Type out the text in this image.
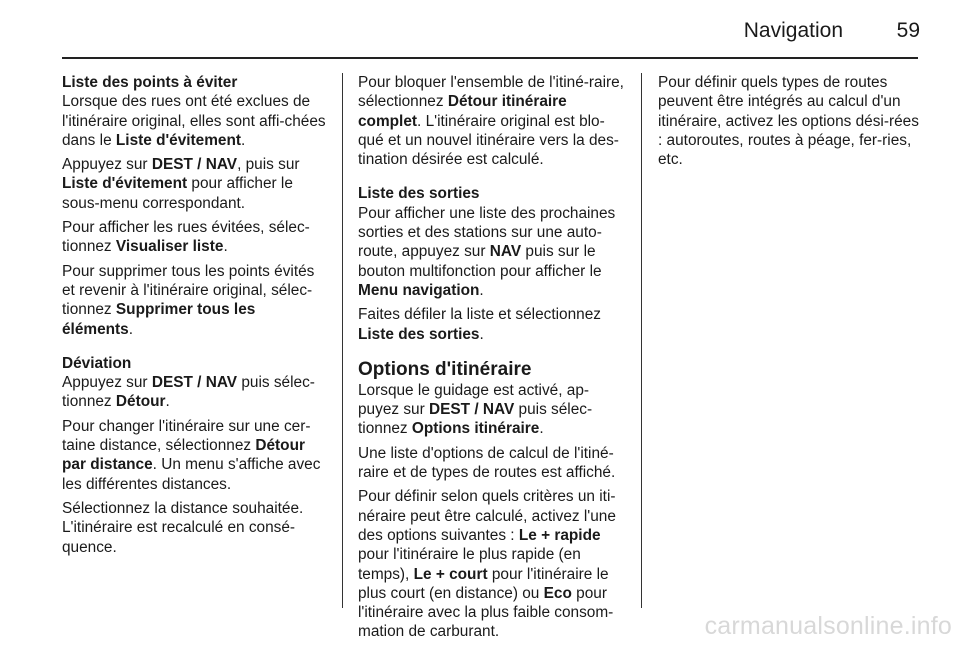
Navigation	59
Liste des points à éviter

Lorsque des rues ont été exclues de l'itinéraire original, elles sont affi-chées dans le Liste d'évitement.

Appuyez sur DEST / NAV, puis sur Liste d'évitement pour afficher le sous-menu correspondant.

Pour afficher les rues évitées, sélec-tionnez Visualiser liste.

Pour supprimer tous les points évités et revenir à l'itinéraire original, sélec-tionnez Supprimer tous les éléments.

Déviation

Appuyez sur DEST / NAV puis sélec-tionnez Détour.

Pour changer l'itinéraire sur une cer-taine distance, sélectionnez Détour par distance. Un menu s'affiche avec les différentes distances.

Sélectionnez la distance souhaitée. L'itinéraire est recalculé en consé-quence.

Pour bloquer l'ensemble de l'itiné-raire, sélectionnez Détour itinéraire complet. L'itinéraire original est blo-qué et un nouvel itinéraire vers la des-tination désirée est calculé.

Liste des sorties

Pour afficher une liste des prochaines sorties et des stations sur une auto-route, appuyez sur NAV puis sur le bouton multifonction pour afficher le Menu navigation.

Faites défiler la liste et sélectionnez Liste des sorties.

Options d'itinéraire

Lorsque le guidage est activé, ap-puyez sur DEST / NAV puis sélec-tionnez Options itinéraire.

Une liste d'options de calcul de l'itiné-raire et de types de routes est affiché.

Pour définir selon quels critères un iti-néraire peut être calculé, activez l'une des options suivantes : Le + rapide pour l'itinéraire le plus rapide (en temps), Le + court pour l'itinéraire le plus court (en distance) ou Eco pour l'itinéraire avec la plus faible consom-mation de carburant.

Pour définir quels types de routes peuvent être intégrés au calcul d'un itinéraire, activez les options dési-rées : autoroutes, routes à péage, fer-ries, etc.

carmanualsonline.info
